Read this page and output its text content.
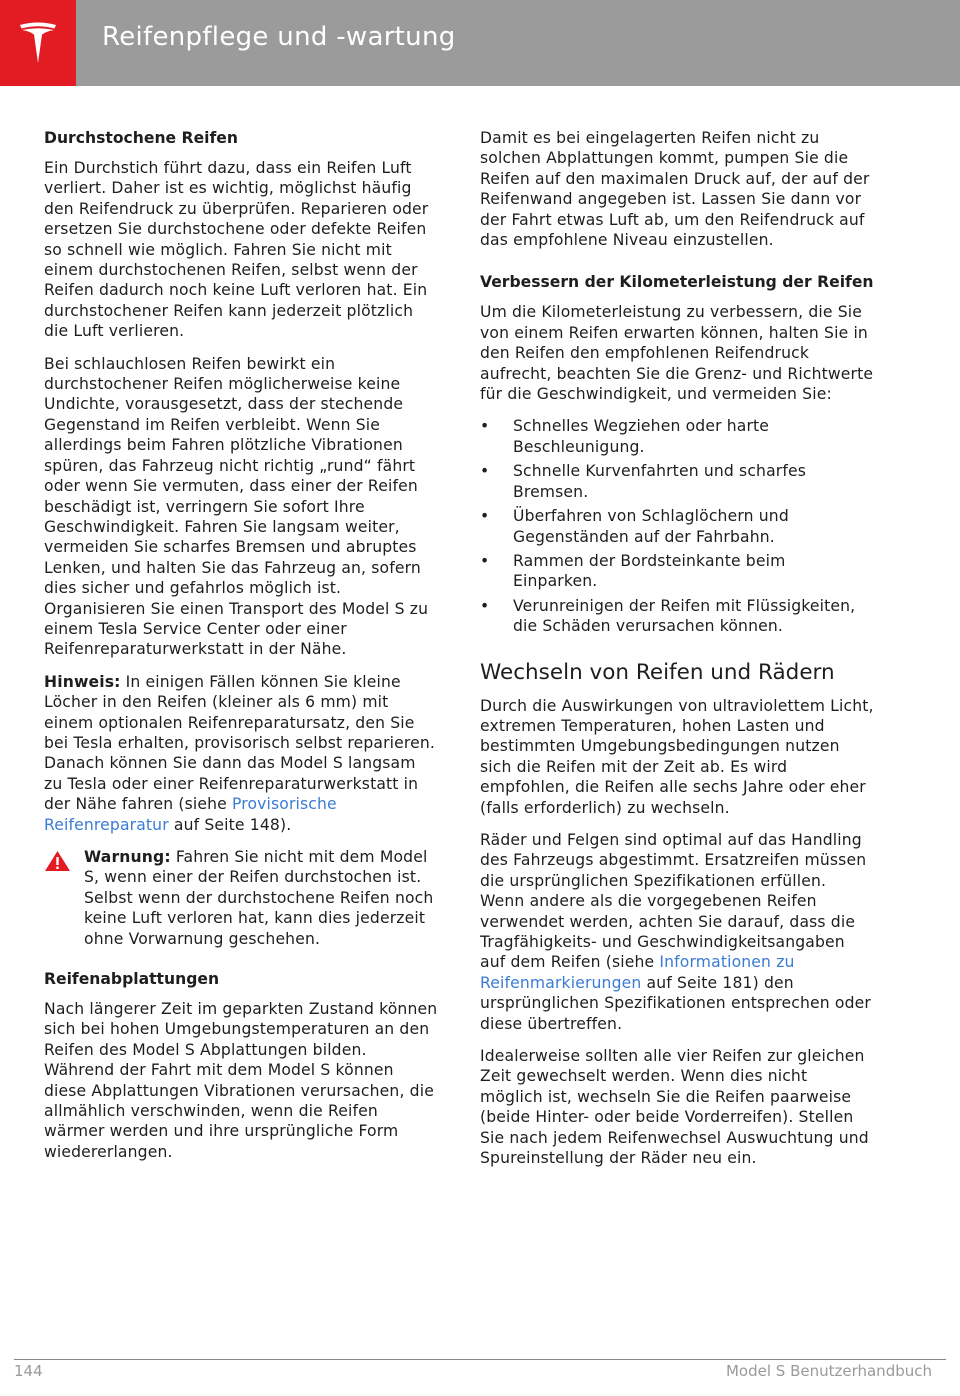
Reifenpflege und -wartung
Durchstochene Reifen

Ein Durchstich führt dazu, dass ein Reifen Luft verliert. Daher ist es wichtig, möglichst häufig den Reifendruck zu überprüfen. Reparieren oder ersetzen Sie durchstochene oder defekte Reifen so schnell wie möglich. Fahren Sie nicht mit einem durchstochenen Reifen, selbst wenn der Reifen dadurch noch keine Luft verloren hat. Ein durchstochener Reifen kann jederzeit plötzlich die Luft verlieren.

Bei schlauchlosen Reifen bewirkt ein durchstochener Reifen möglicherweise keine Undichte, vorausgesetzt, dass der stechende Gegenstand im Reifen verbleibt. Wenn Sie allerdings beim Fahren plötzliche Vibrationen spüren, das Fahrzeug nicht richtig „rund“ fährt oder wenn Sie vermuten, dass einer der Reifen beschädigt ist, verringern Sie sofort Ihre Geschwindigkeit. Fahren Sie langsam weiter, vermeiden Sie scharfes Bremsen und abruptes Lenken, und halten Sie das Fahrzeug an, sofern dies sicher und gefahrlos möglich ist. Organisieren Sie einen Transport des Model S zu einem Tesla Service Center oder einer Reifenreparaturwerkstatt in der Nähe.

Hinweis: In einigen Fällen können Sie kleine Löcher in den Reifen (kleiner als 6 mm) mit einem optionalen Reifenreparatursatz, den Sie bei Tesla erhalten, provisorisch selbst reparieren. Danach können Sie dann das Model S langsam zu Tesla oder einer Reifenreparaturwerkstatt in der Nähe fahren (siehe Provisorische Reifenreparatur auf Seite 148).

Warnung: Fahren Sie nicht mit dem Model S, wenn einer der Reifen durchstochen ist. Selbst wenn der durchstochene Reifen noch keine Luft verloren hat, kann dies jederzeit ohne Vorwarnung geschehen.

Reifenabplattungen

Nach längerer Zeit im geparkten Zustand können sich bei hohen Umgebungstemperaturen an den Reifen des Model S Abplattungen bilden. Während der Fahrt mit dem Model S können diese Abplattungen Vibrationen verursachen, die allmählich verschwinden, wenn die Reifen wärmer werden und ihre ursprüngliche Form wiedererlangen.

Damit es bei eingelagerten Reifen nicht zu solchen Abplattungen kommt, pumpen Sie die Reifen auf den maximalen Druck auf, der auf der Reifenwand angegeben ist. Lassen Sie dann vor der Fahrt etwas Luft ab, um den Reifendruck auf das empfohlene Niveau einzustellen.

Verbessern der Kilometerleistung der Reifen

Um die Kilometerleistung zu verbessern, die Sie von einem Reifen erwarten können, halten Sie in den Reifen den empfohlenen Reifendruck aufrecht, beachten Sie die Grenz- und Richtwerte für die Geschwindigkeit, und vermeiden Sie:

• Schnelles Wegziehen oder harte Beschleunigung.
• Schnelle Kurvenfahrten und scharfes Bremsen.
• Überfahren von Schlaglöchern und Gegenständen auf der Fahrbahn.
• Rammen der Bordsteinkante beim Einparken.
• Verunreinigen der Reifen mit Flüssigkeiten, die Schäden verursachen können.
Wechseln von Reifen und Rädern

Durch die Auswirkungen von ultraviolettem Licht, extremen Temperaturen, hohen Lasten und bestimmten Umgebungsbedingungen nutzen sich die Reifen mit der Zeit ab. Es wird empfohlen, die Reifen alle sechs Jahre oder eher (falls erforderlich) zu wechseln.

Räder und Felgen sind optimal auf das Handling des Fahrzeugs abgestimmt. Ersatzreifen müssen die ursprünglichen Spezifikationen erfüllen. Wenn andere als die vorgegebenen Reifen verwendet werden, achten Sie darauf, dass die Tragfähigkeits- und Geschwindigkeitsangaben auf dem Reifen (siehe Informationen zu Reifenmarkierungen auf Seite 181) den ursprünglichen Spezifikationen entsprechen oder diese übertreffen.

Idealerweise sollten alle vier Reifen zur gleichen Zeit gewechselt werden. Wenn dies nicht möglich ist, wechseln Sie die Reifen paarweise (beide Hinter- oder beide Vorderreifen). Stellen Sie nach jedem Reifenwechsel Auswuchtung und Spureinstellung der Räder neu ein.

144	Model S Benutzerhandbuch
